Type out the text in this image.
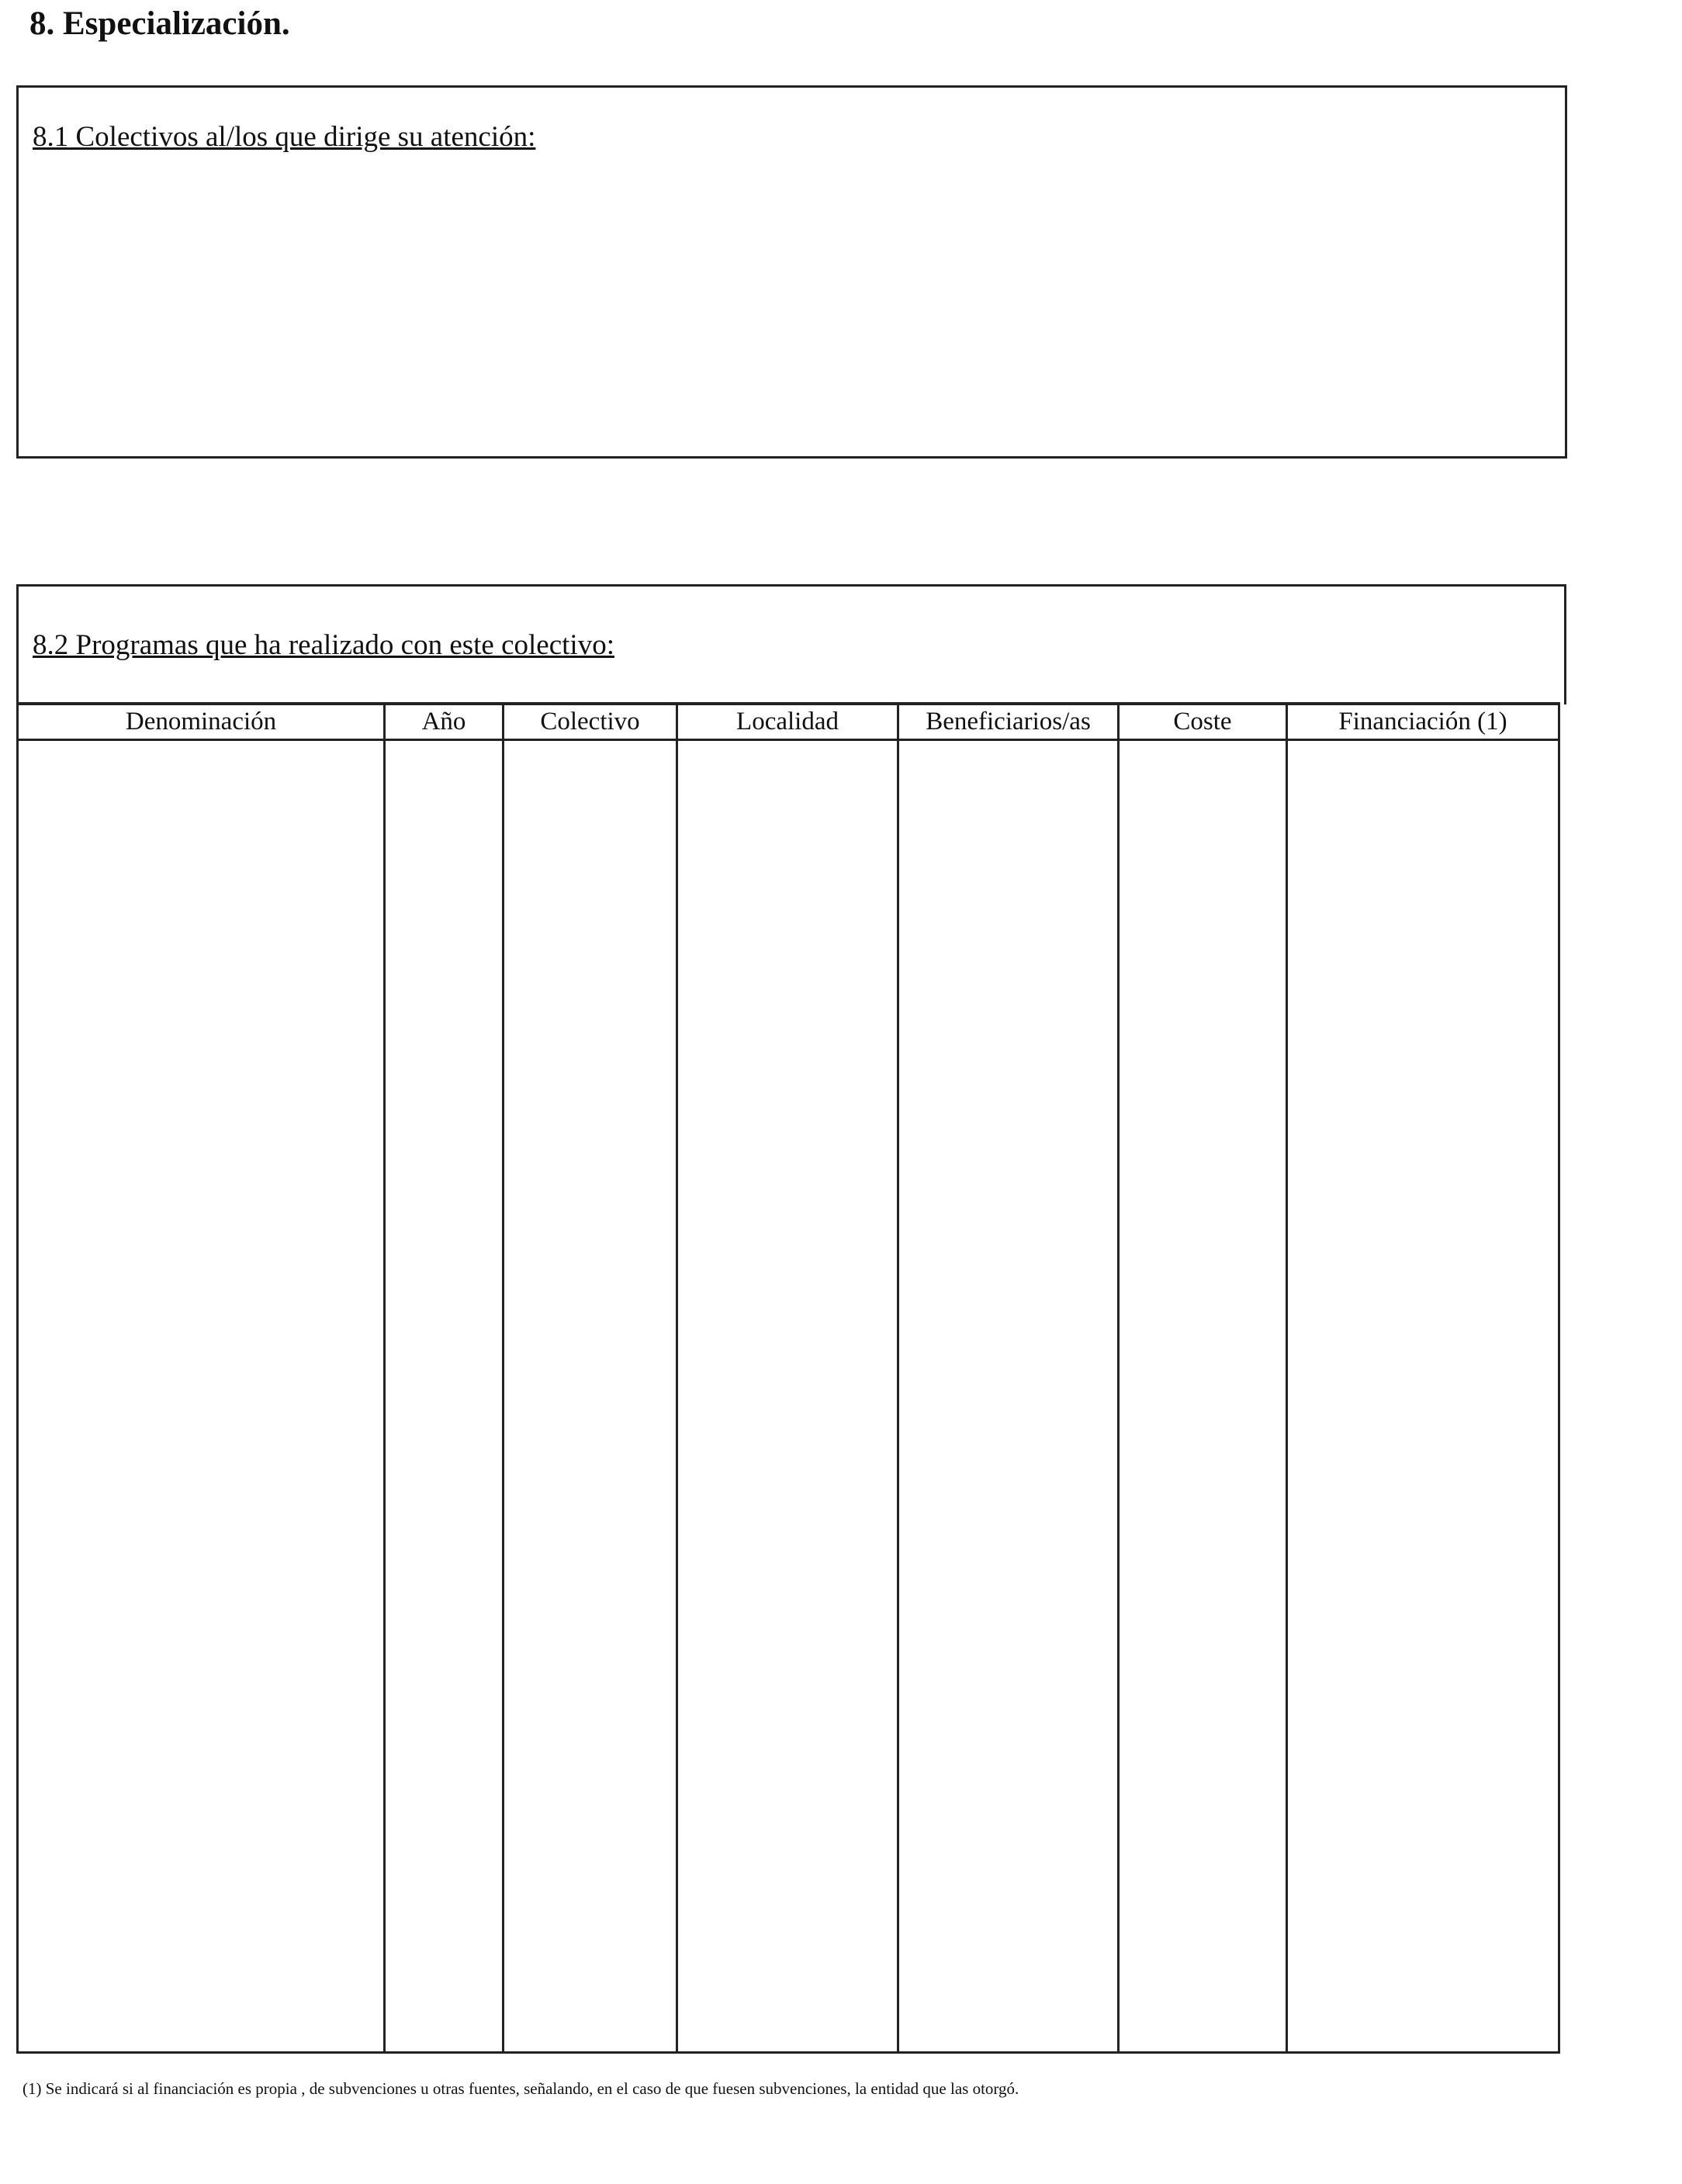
8. Especialización.
8.1 Colectivos al/los que dirige su atención:
8.2 Programas que ha realizado con este colectivo:
Denominación	Año	Colectivo	Localidad	Beneficiarios/as	Coste	Financiación (1)
(1) Se indicará si al financiación es propia , de subvenciones u otras fuentes, señalando, en el caso de que fuesen subvenciones, la entidad que las otorgó.
